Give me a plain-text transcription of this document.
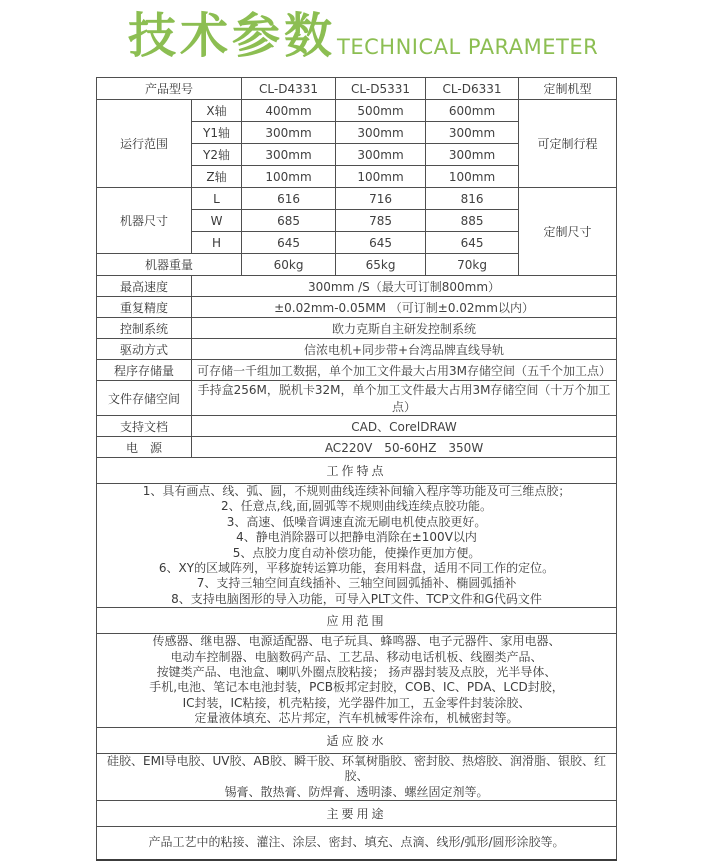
技术参数 TECHNICAL PARAMETER
产品型号		CL-D4331	CL-D5331	CL-D6331	定制机型
运行范围	X轴	400mm	500mm	600mm	可定制行程
	Y1轴	300mm	300mm	300mm	
	Y2轴	300mm	300mm	300mm	
	Z轴	100mm	100mm	100mm	
机器尺寸	L	616	716	816	定制尺寸
	W	685	785	885	
	H	645	645	645	
机器重量		60kg	65kg	70kg	
最高速度	300mm /S（最大可订制800mm）				
重复精度	±0.02mm-0.05MM （可订制±0.02mm以内）				
控制系统	欧力克斯自主研发控制系统				
驱动方式	信浓电机+同步带+台湾品牌直线导轨				
程序存储量	可存储一千组加工数据，单个加工文件最大占用3M存储空间（五千个加工点）				
文件存储空间	手持盒256M，脱机卡32M，单个加工文件最大占用3M存储空间（十万个加工点）				
支持文档	CAD、CorelDRAW				
电　源	AC220V　50-60HZ　350W				
工作特点					

1、具有画点、线、弧、圆，不规则曲线连续补间输入程序等功能及可三维点胶；
2、任意点,线,面,圆弧等不规则曲线连续点胶功能。
3、高速、低噪音调速直流无刷电机使点胶更好。
4、静电消除器可以把静电消除在±100V以内
5、点胶力度自动补偿功能，使操作更加方便。
6、XY的区域阵列，平移旋转运算功能，套用料盘，适用不同工作的定位。
7、支持三轴空间直线插补、三轴空间圆弧插补、椭圆弧插补
8、支持电脑图形的导入功能，可导入PLT文件、TCP文件和G代码文件

应用范围					

传感器、继电器、电源适配器、电子玩具、蜂鸣器、电子元器件、家用电器、
电动车控制器、电脑数码产品、工艺品、移动电话机板、线圈类产品、
按键类产品、电池盒、喇叭外圈点胶粘接； 扬声器封装及点胶，光半导体、
手机,电池、笔记本电池封装，PCB板邦定封胶，COB、IC、PDA、LCD封胶，
IC封装，IC粘接，机壳粘接，光学器件加工，五金零件封装涂胶、
定量液体填充、芯片邦定，汽车机械零件涂布，机械密封等。

适应胶水					

硅胶、EMI导电胶、UV胶、AB胶、瞬干胶、环氧树脂胶、密封胶、热熔胶、润滑脂、银胶、红胶、
锡膏、散热膏、防焊膏、透明漆、螺丝固定剂等。					

主要用途					

产品工艺中的粘接、灌注、涂层、密封、填充、点滴、线形/弧形/圆形涂胶等。					
